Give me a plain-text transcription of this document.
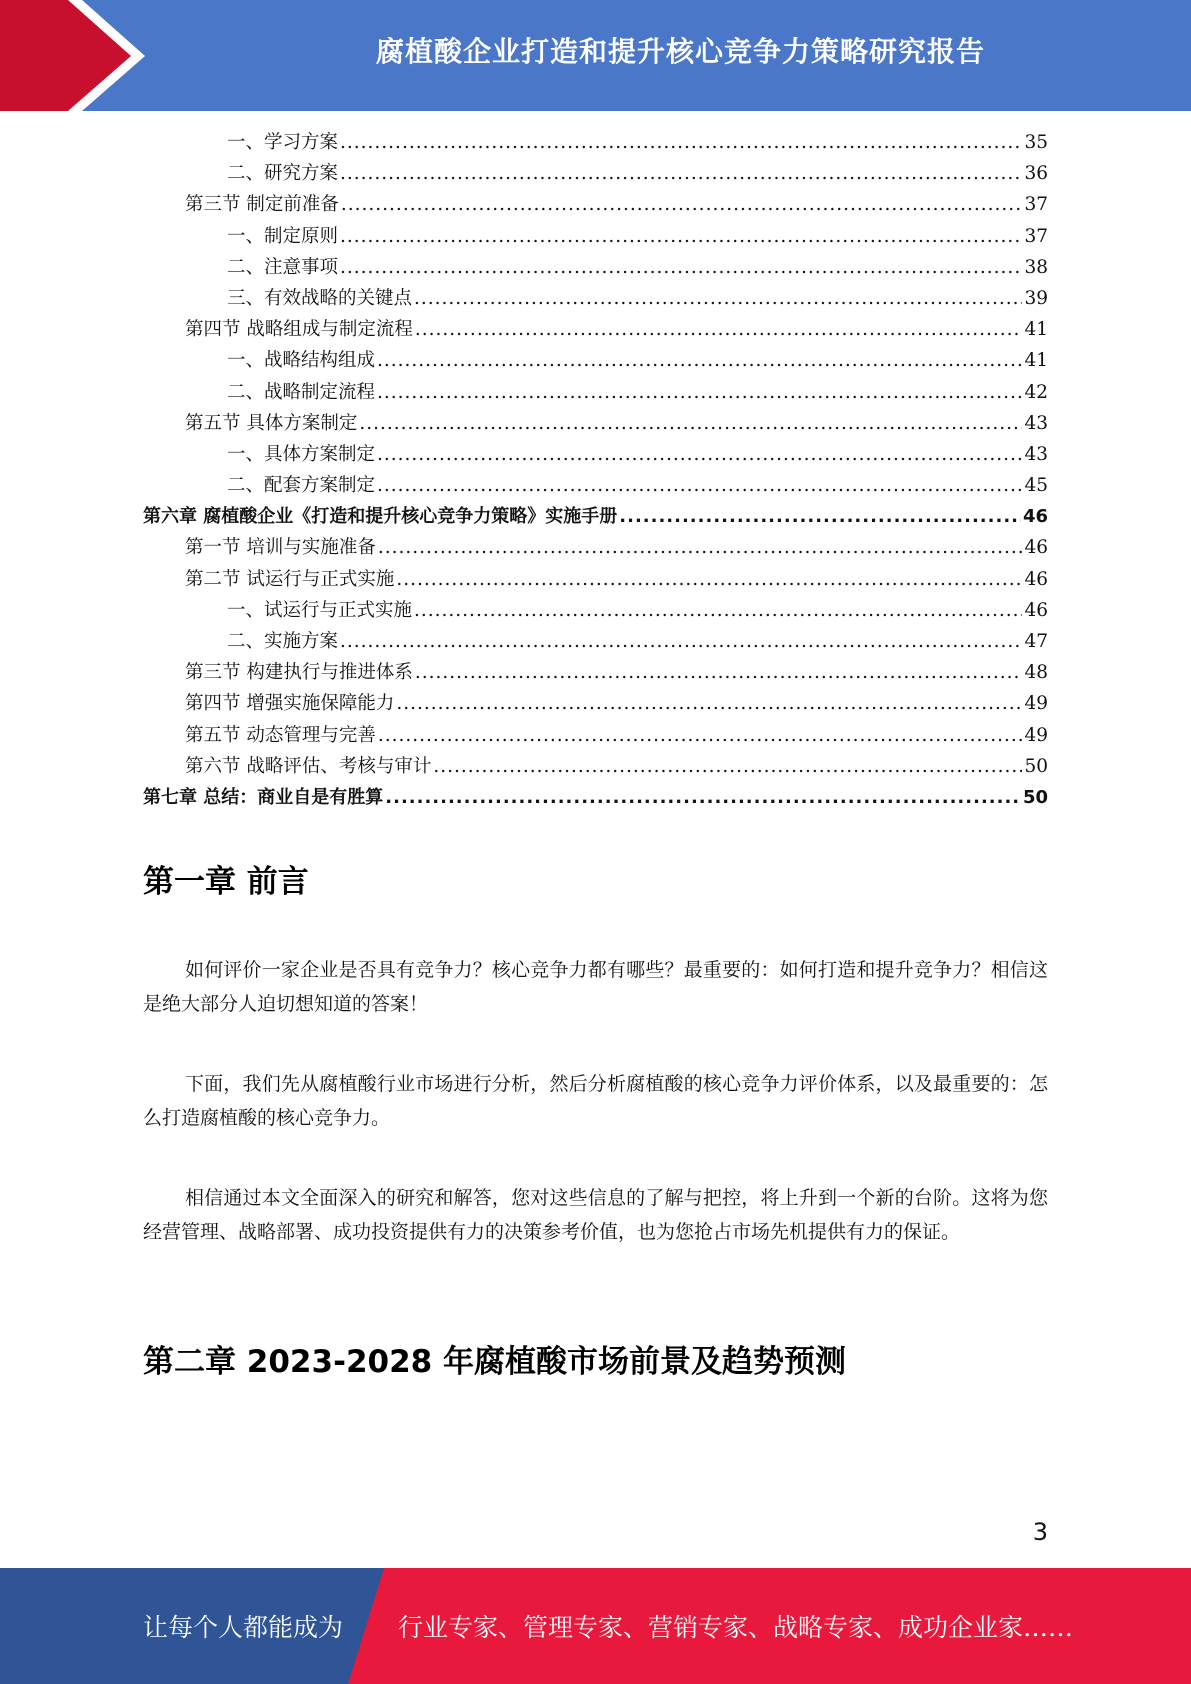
腐植酸企业打造和提升核心竞争力策略研究报告
一、学习方案 .....	35
二、研究方案 .....	36
第三节 制定前准备 .....	37
一、制定原则 .....	37
二、注意事项 .....	38
三、有效战略的关键点 .....	39
第四节 战略组成与制定流程 .....	41
一、战略结构组成 .....	41
二、战略制定流程 .....	42
第五节 具体方案制定 .....	43
一、具体方案制定 .....	43
二、配套方案制定 .....	45
第六章 腐植酸企业《打造和提升核心竞争力策略》实施手册 .....	46
第一节 培训与实施准备 .....	46
第二节 试运行与正式实施 .....	46
一、试运行与正式实施 .....	46
二、实施方案 .....	47
第三节 构建执行与推进体系 .....	48
第四节 增强实施保障能力 .....	49
第五节 动态管理与完善 .....	49
第六节 战略评估、考核与审计 .....	50
第七章 总结：商业自是有胜算 .....	50
第一章 前言

如何评价一家企业是否具有竞争力？核心竞争力都有哪些？最重要的：如何打造和提升竞争力？相信这是绝大部分人迫切想知道的答案！

下面，我们先从腐植酸行业市场进行分析，然后分析腐植酸的核心竞争力评价体系，以及最重要的：怎么打造腐植酸的核心竞争力。

相信通过本文全面深入的研究和解答，您对这些信息的了解与把控，将上升到一个新的台阶。这将为您经营管理、战略部署、成功投资提供有力的决策参考价值，也为您抢占市场先机提供有力的保证。

第二章 2023-2028 年腐植酸市场前景及趋势预测
3
让每个人都能成为 行业专家、管理专家、营销专家、战略专家、成功企业家……
